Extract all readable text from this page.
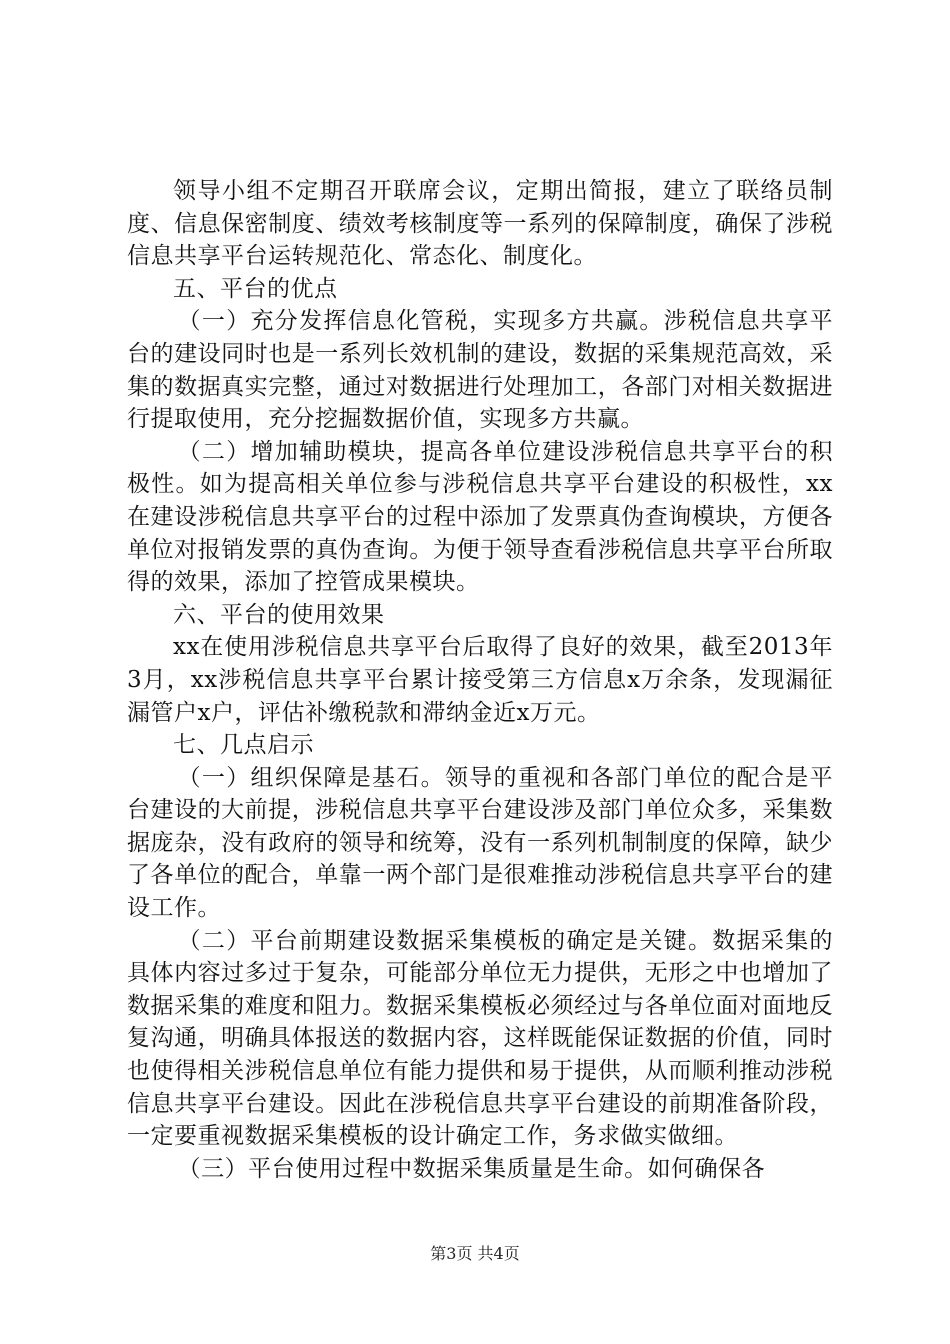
领导小组不定期召开联席会议，定期出简报，建立了联络员制度、信息保密制度、绩效考核制度等一系列的保障制度，确保了涉税信息共享平台运转规范化、常态化、制度化。

五、平台的优点

（一）充分发挥信息化管税，实现多方共赢。涉税信息共享平台的建设同时也是一系列长效机制的建设，数据的采集规范高效，采集的数据真实完整，通过对数据进行处理加工，各部门对相关数据进行提取使用，充分挖掘数据价值，实现多方共赢。

（二）增加辅助模块，提高各单位建设涉税信息共享平台的积极性。如为提高相关单位参与涉税信息共享平台建设的积极性，xx在建设涉税信息共享平台的过程中添加了发票真伪查询模块，方便各单位对报销发票的真伪查询。为便于领导查看涉税信息共享平台所取得的效果，添加了控管成果模块。

六、平台的使用效果

xx在使用涉税信息共享平台后取得了良好的效果，截至2013年3月，xx涉税信息共享平台累计接受第三方信息x万余条，发现漏征漏管户x户，评估补缴税款和滞纳金近x万元。

七、几点启示

（一）组织保障是基石。领导的重视和各部门单位的配合是平台建设的大前提，涉税信息共享平台建设涉及部门单位众多，采集数据庞杂，没有政府的领导和统筹，没有一系列机制制度的保障，缺少了各单位的配合，单靠一两个部门是很难推动涉税信息共享平台的建设工作。

（二）平台前期建设数据采集模板的确定是关键。数据采集的具体内容过多过于复杂，可能部分单位无力提供，无形之中也增加了数据采集的难度和阻力。数据采集模板必须经过与各单位面对面地反复沟通，明确具体报送的数据内容，这样既能保证数据的价值，同时也使得相关涉税信息单位有能力提供和易于提供，从而顺利推动涉税信息共享平台建设。因此在涉税信息共享平台建设的前期准备阶段，一定要重视数据采集模板的设计确定工作，务求做实做细。

（三）平台使用过程中数据采集质量是生命。如何确保各

第3页 共4页
